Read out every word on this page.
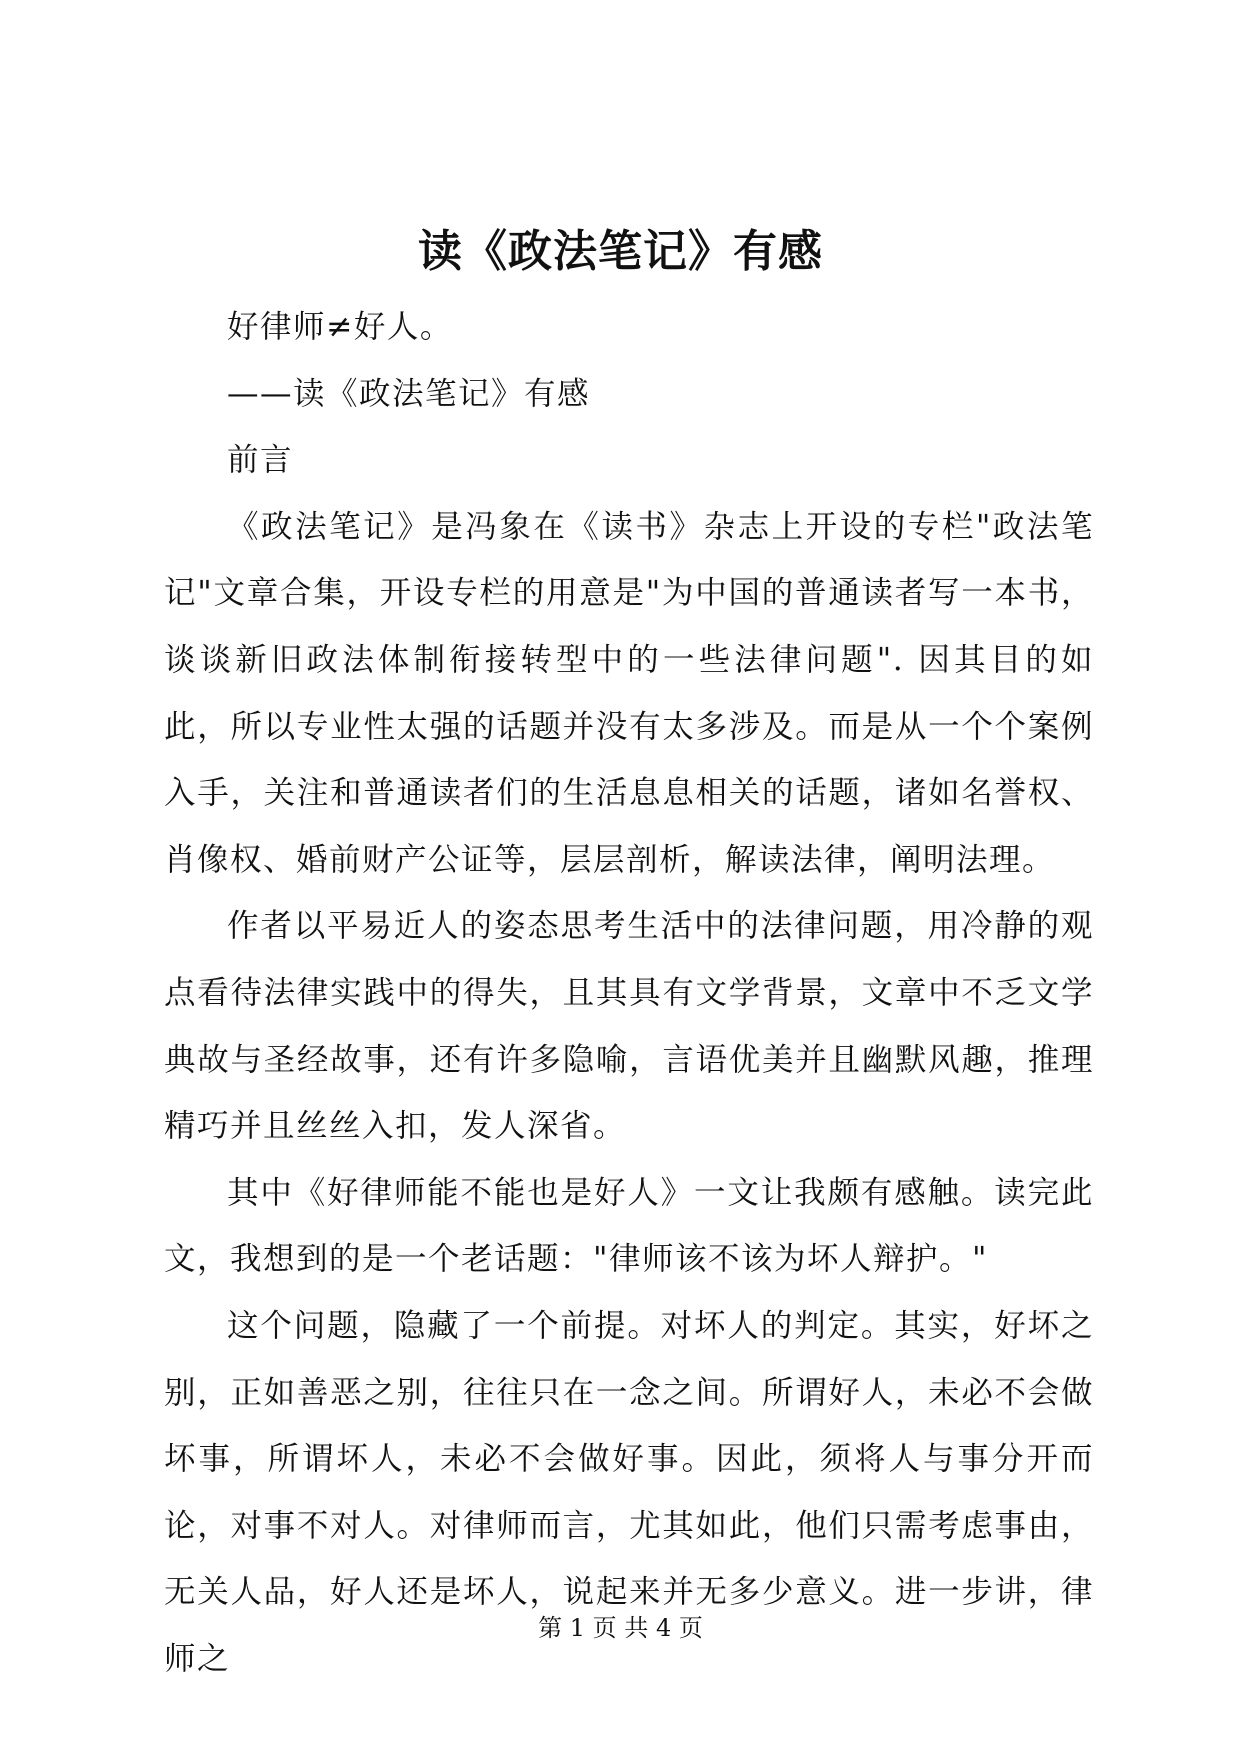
读《政法笔记》有感

好律师≠好人。

——读《政法笔记》有感

前言

《政法笔记》是冯象在《读书》杂志上开设的专栏"政法笔记"文章合集，开设专栏的用意是"为中国的普通读者写一本书，谈谈新旧政法体制衔接转型中的一些法律问题". 因其目的如此，所以专业性太强的话题并没有太多涉及。而是从一个个案例入手，关注和普通读者们的生活息息相关的话题，诸如名誉权、肖像权、婚前财产公证等，层层剖析，解读法律，阐明法理。

作者以平易近人的姿态思考生活中的法律问题，用冷静的观点看待法律实践中的得失，且其具有文学背景，文章中不乏文学典故与圣经故事，还有许多隐喻，言语优美并且幽默风趣，推理精巧并且丝丝入扣，发人深省。

其中《好律师能不能也是好人》一文让我颇有感触。读完此文，我想到的是一个老话题："律师该不该为坏人辩护。"

这个问题，隐藏了一个前提。对坏人的判定。其实，好坏之别，正如善恶之别，往往只在一念之间。所谓好人，未必不会做坏事，所谓坏人，未必不会做好事。因此，须将人与事分开而论，对事不对人。对律师而言，尤其如此，他们只需考虑事由，无关人品，好人还是坏人，说起来并无多少意义。进一步讲，律师之

第 1 页 共 4 页
